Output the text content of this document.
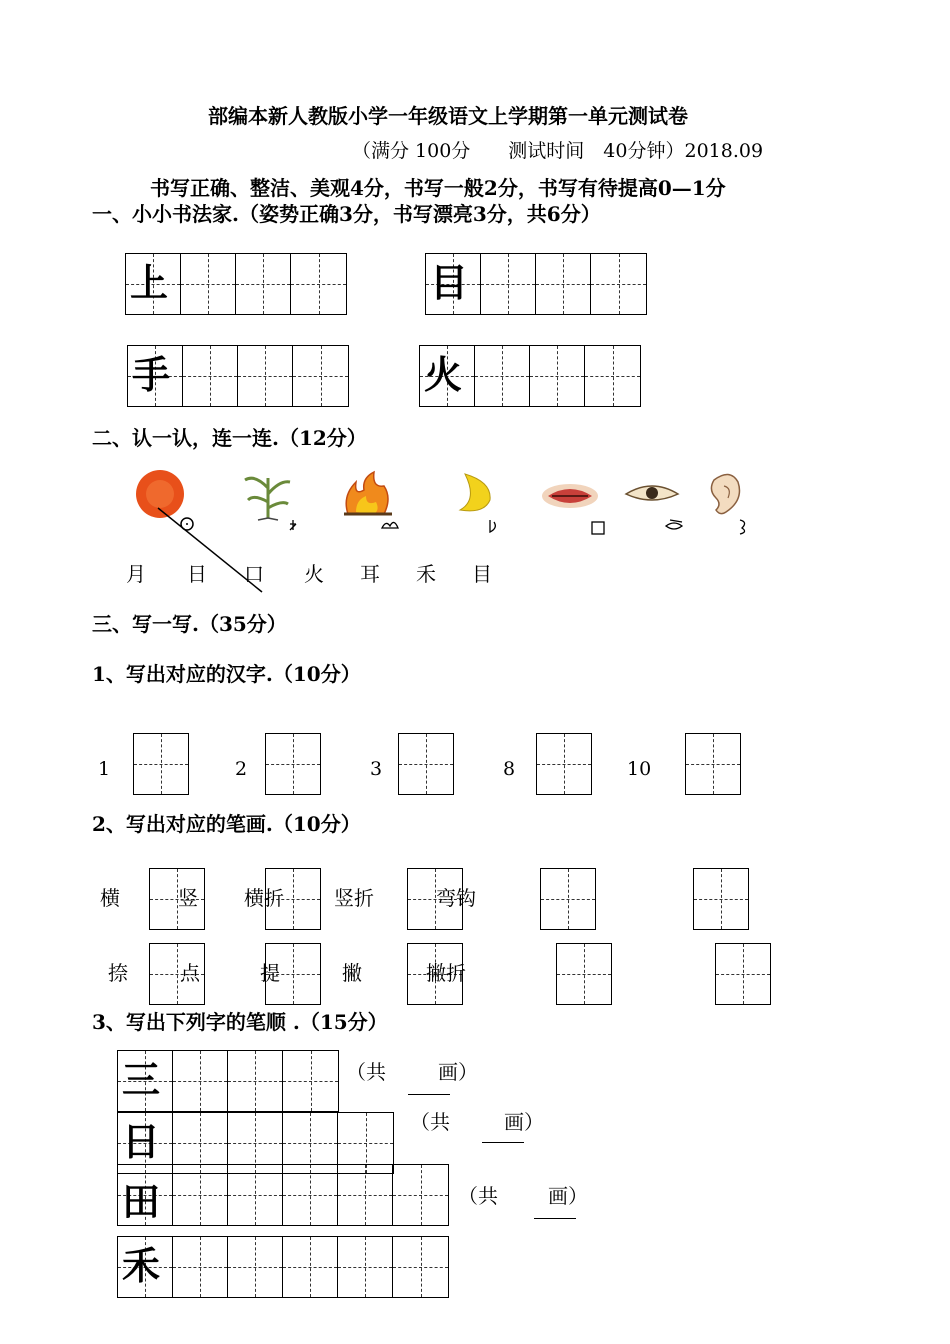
部编本新人教版小学一年级语文上学期第一单元测试卷
（满分 100分　　测试时间　40分钟）2018.09
书写正确、整洁、美观4分，书写一般2分，书写有待提高0—1分
一、小小书法家.（姿势正确3分，书写漂亮3分，共6分）
上	目
手	火
二、认一认，连一连.（12分）
月 日 口 火 耳 禾 目
三、写一写.（35分）
1、写出对应的汉字.（10分）
1	2	3	8	10
2、写出对应的笔画.（10分）
横	竖 横折	竖折	弯钩
捺	点	提	撇	撇折
3、写出下列字的笔顺 .（15分）
三	（共	画）
日	（共	画）
田	（共	画）
禾
